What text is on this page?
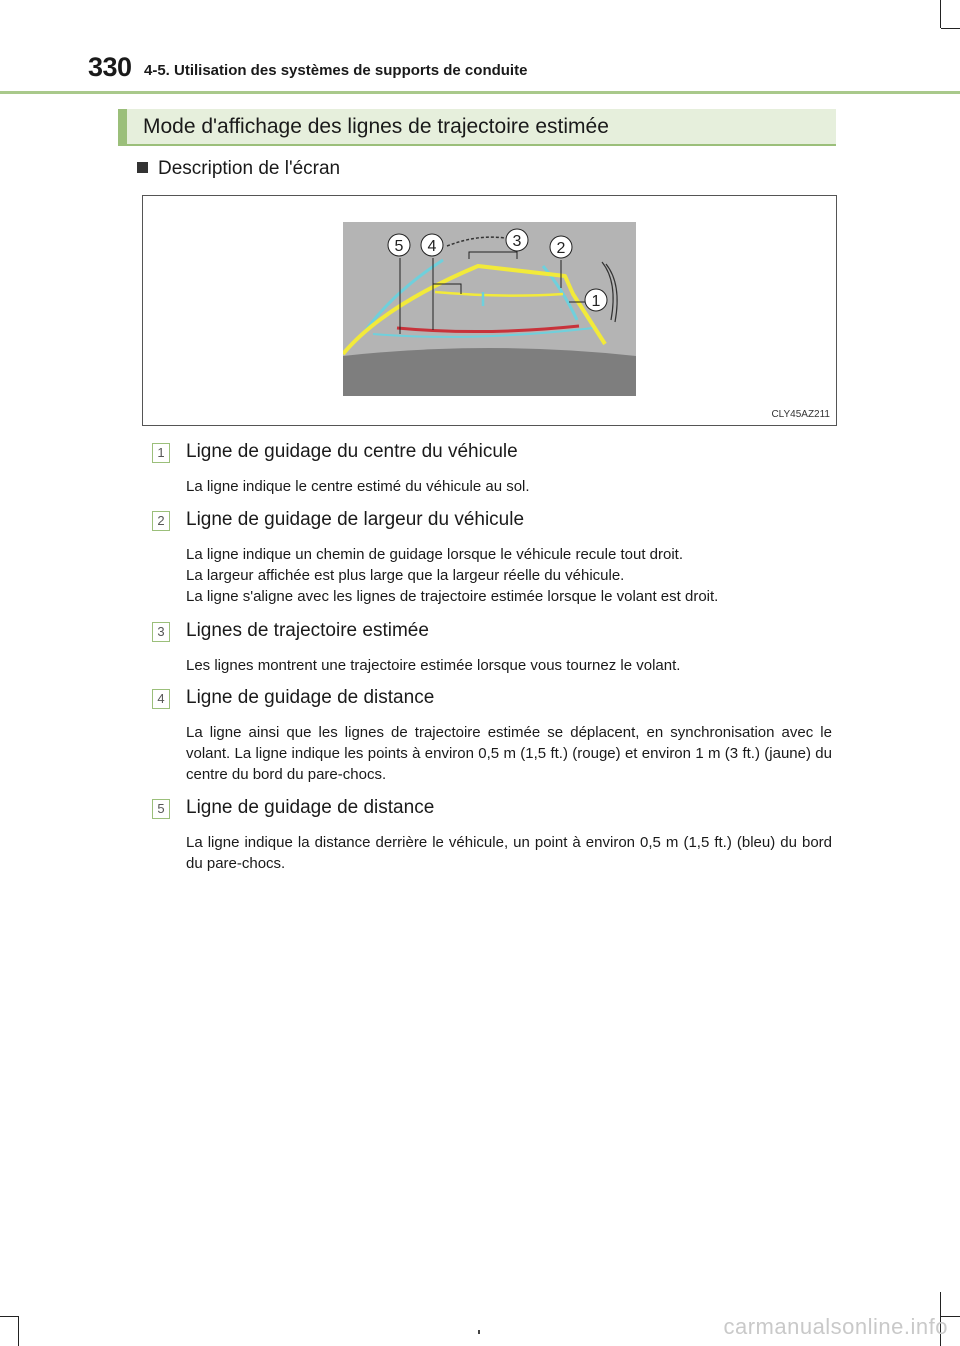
330 4-5. Utilisation des systèmes de supports de conduite
Mode d'affichage des lignes de trajectoire estimée
Description de l'écran
5 4	3 2
1
CLY45AZ211
1 Ligne de guidage du centre du véhicule

La ligne indique le centre estimé du véhicule au sol.

2 Ligne de guidage de largeur du véhicule

La ligne indique un chemin de guidage lorsque le véhicule recule tout droit.

La largeur affichée est plus large que la largeur réelle du véhicule.

La ligne s'aligne avec les lignes de trajectoire estimée lorsque le volant est droit.

3 Lignes de trajectoire estimée

Les lignes montrent une trajectoire estimée lorsque vous tournez le volant.

4 Ligne de guidage de distance

La ligne ainsi que les lignes de trajectoire estimée se déplacent, en synchronisation avec le volant. La ligne indique les points à environ 0,5 m (1,5 ft.) (rouge) et environ 1 m (3 ft.) (jaune) du centre du bord du pare-chocs.

5 Ligne de guidage de distance

La ligne indique la distance derrière le véhicule, un point à environ 0,5 m (1,5 ft.) (bleu) du bord du pare-chocs.

carmanualsonline.info
